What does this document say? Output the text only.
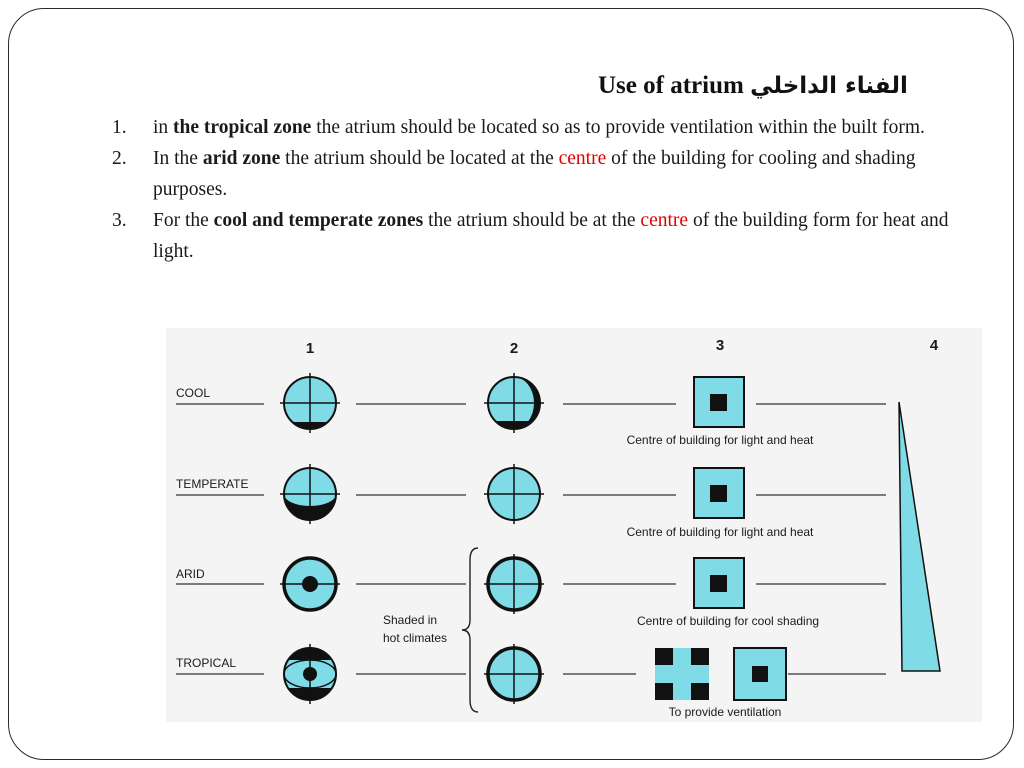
Use of atrium الفناء الداخلي
1. in the tropical zone the atrium should be located so as to provide ventilation within the built form.
2. In the arid zone the atrium should be located at the centre of the building for cooling and shading purposes.
3. For the cool and temperate zones the atrium should be at the centre of the building form for heat and light.
1	2	3	4
COOL
TEMPERATE
ARID
TROPICAL
Centre of building for light and heat
Centre of building for light and heat
Centre of building for cool shading
Shaded in
hot climates
To provide ventilation
